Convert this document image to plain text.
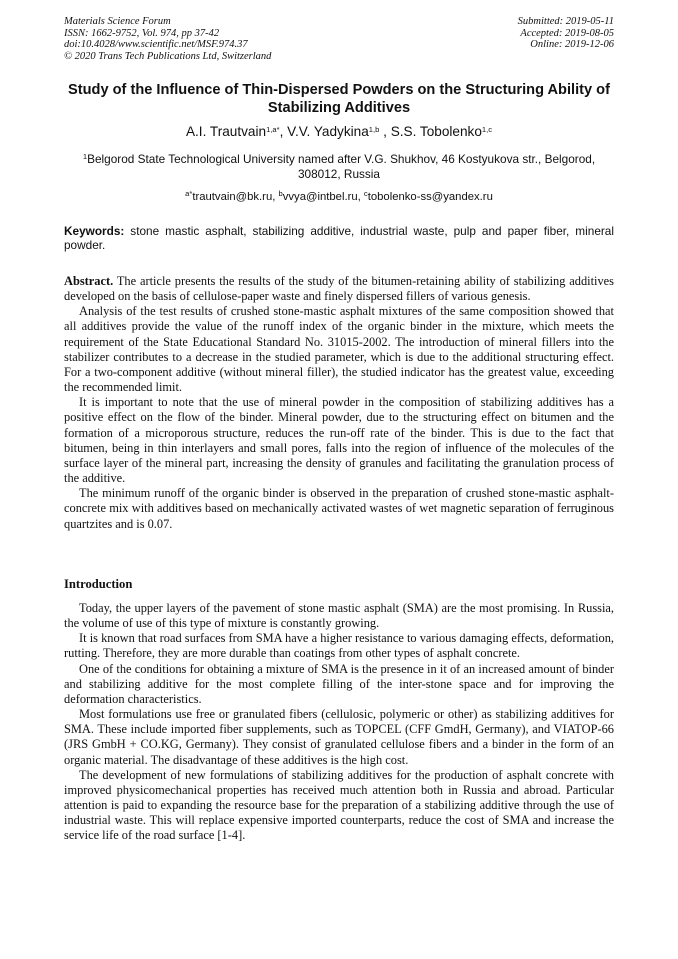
Materials Science Forum
ISSN: 1662-9752, Vol. 974, pp 37-42
doi:10.4028/www.scientific.net/MSF.974.37
© 2020 Trans Tech Publications Ltd, Switzerland
Submitted: 2019-05-11
Accepted: 2019-08-05
Online: 2019-12-06
Study of the Influence of Thin-Dispersed Powders on the Structuring Ability of Stabilizing Additives
A.I. Trautvain$^{1,a*}$, V.V. Yadykina$^{1,b}$ , S.S. Tobolenko$^{1,c}$
$^1$Belgorod State Technological University named after V.G. Shukhov, 46 Kostyukova str., Belgorod, 308012, Russia
$^{a*}$trautvain@bk.ru, $^b$vvya@intbel.ru, $^c$tobolenko-ss@yandex.ru
Keywords: stone mastic asphalt, stabilizing additive, industrial waste, pulp and paper fiber, mineral powder.

Abstract. The article presents the results of the study of the bitumen-retaining ability of stabilizing additives developed on the basis of cellulose-paper waste and finely dispersed fillers of various genesis.

Analysis of the test results of crushed stone-mastic asphalt mixtures of the same composition showed that all additives provide the value of the runoff index of the organic binder in the mixture, which meets the requirement of the State Educational Standard No. 31015-2002. The introduction of mineral fillers into the stabilizer contributes to a decrease in the studied parameter, which is due to the additional structuring effect. For a two-component additive (without mineral filler), the studied indicator has the greatest value, exceeding the recommended limit.

It is important to note that the use of mineral powder in the composition of stabilizing additives has a positive effect on the flow of the binder. Mineral powder, due to the structuring effect on bitumen and the formation of a microporous structure, reduces the run-off rate of the binder. This is due to the fact that bitumen, being in thin interlayers and small pores, falls into the region of influence of the molecules of the surface layer of the mineral part, increasing the density of granules and facilitating the granulation process of the additive.

The minimum runoff of the organic binder is observed in the preparation of crushed stone-mastic asphalt-concrete mix with additives based on mechanically activated wastes of wet magnetic separation of ferruginous quartzites and is 0.07.

Introduction

Today, the upper layers of the pavement of stone mastic asphalt (SMA) are the most promising. In Russia, the volume of use of this type of mixture is constantly growing.

It is known that road surfaces from SMA have a higher resistance to various damaging effects, deformation, rutting. Therefore, they are more durable than coatings from other types of asphalt concrete.

One of the conditions for obtaining a mixture of SMA is the presence in it of an increased amount of binder and stabilizing additive for the most complete filling of the inter-stone space and for improving the deformation characteristics.

Most formulations use free or granulated fibers (cellulosic, polymeric or other) as stabilizing additives for SMA. These include imported fiber supplements, such as TOPCEL (CFF GmdH, Germany), and VIATOP-66 (JRS GmbH + CO.KG, Germany). They consist of granulated cellulose fibers and a binder in the form of an organic material. The disadvantage of these additives is the high cost.

The development of new formulations of stabilizing additives for the production of asphalt concrete with improved physicomechanical properties has received much attention both in Russia and abroad. Particular attention is paid to expanding the resource base for the preparation of a stabilizing additive through the use of industrial waste. This will replace expensive imported counterparts, reduce the cost of SMA and increase the service life of the road surface [1-4].
